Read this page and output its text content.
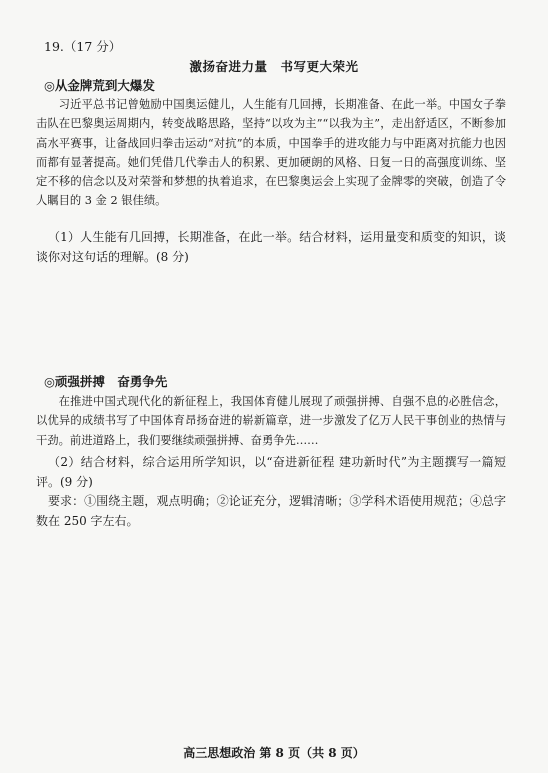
19.（17 分）
激扬奋进力量　书写更大荣光
◎从金牌荒到大爆发

习近平总书记曾勉励中国奥运健儿，人生能有几回搏，长期准备、在此一举。中国女子拳击队在巴黎奥运周期内，转变战略思路，坚持“以攻为主”“以我为主”，走出舒适区，不断参加高水平赛事，让备战回归拳击运动“对抗”的本质，中国拳手的进攻能力与中距离对抗能力也因而都有显著提高。她们凭借几代拳击人的积累、更加硬朗的风格、日复一日的高强度训练、坚定不移的信念以及对荣誉和梦想的执着追求，在巴黎奥运会上实现了金牌零的突破，创造了令人瞩目的 3 金 2 银佳绩。

（1）人生能有几回搏，长期准备，在此一举。结合材料，运用量变和质变的知识，谈谈你对这句话的理解。(8 分)

◎顽强拼搏　奋勇争先

在推进中国式现代化的新征程上，我国体育健儿展现了顽强拼搏、自强不息的必胜信念，以优异的成绩书写了中国体育昂扬奋进的崭新篇章，进一步激发了亿万人民干事创业的热情与干劲。前进道路上，我们要继续顽强拼搏、奋勇争先……

（2）结合材料，综合运用所学知识，以“奋进新征程 建功新时代”为主题撰写一篇短评。(9 分)

要求：①围绕主题，观点明确；②论证充分，逻辑清晰；③学科术语使用规范；④总字数在 250 字左右。

高三思想政治 第 8 页（共 8 页）
